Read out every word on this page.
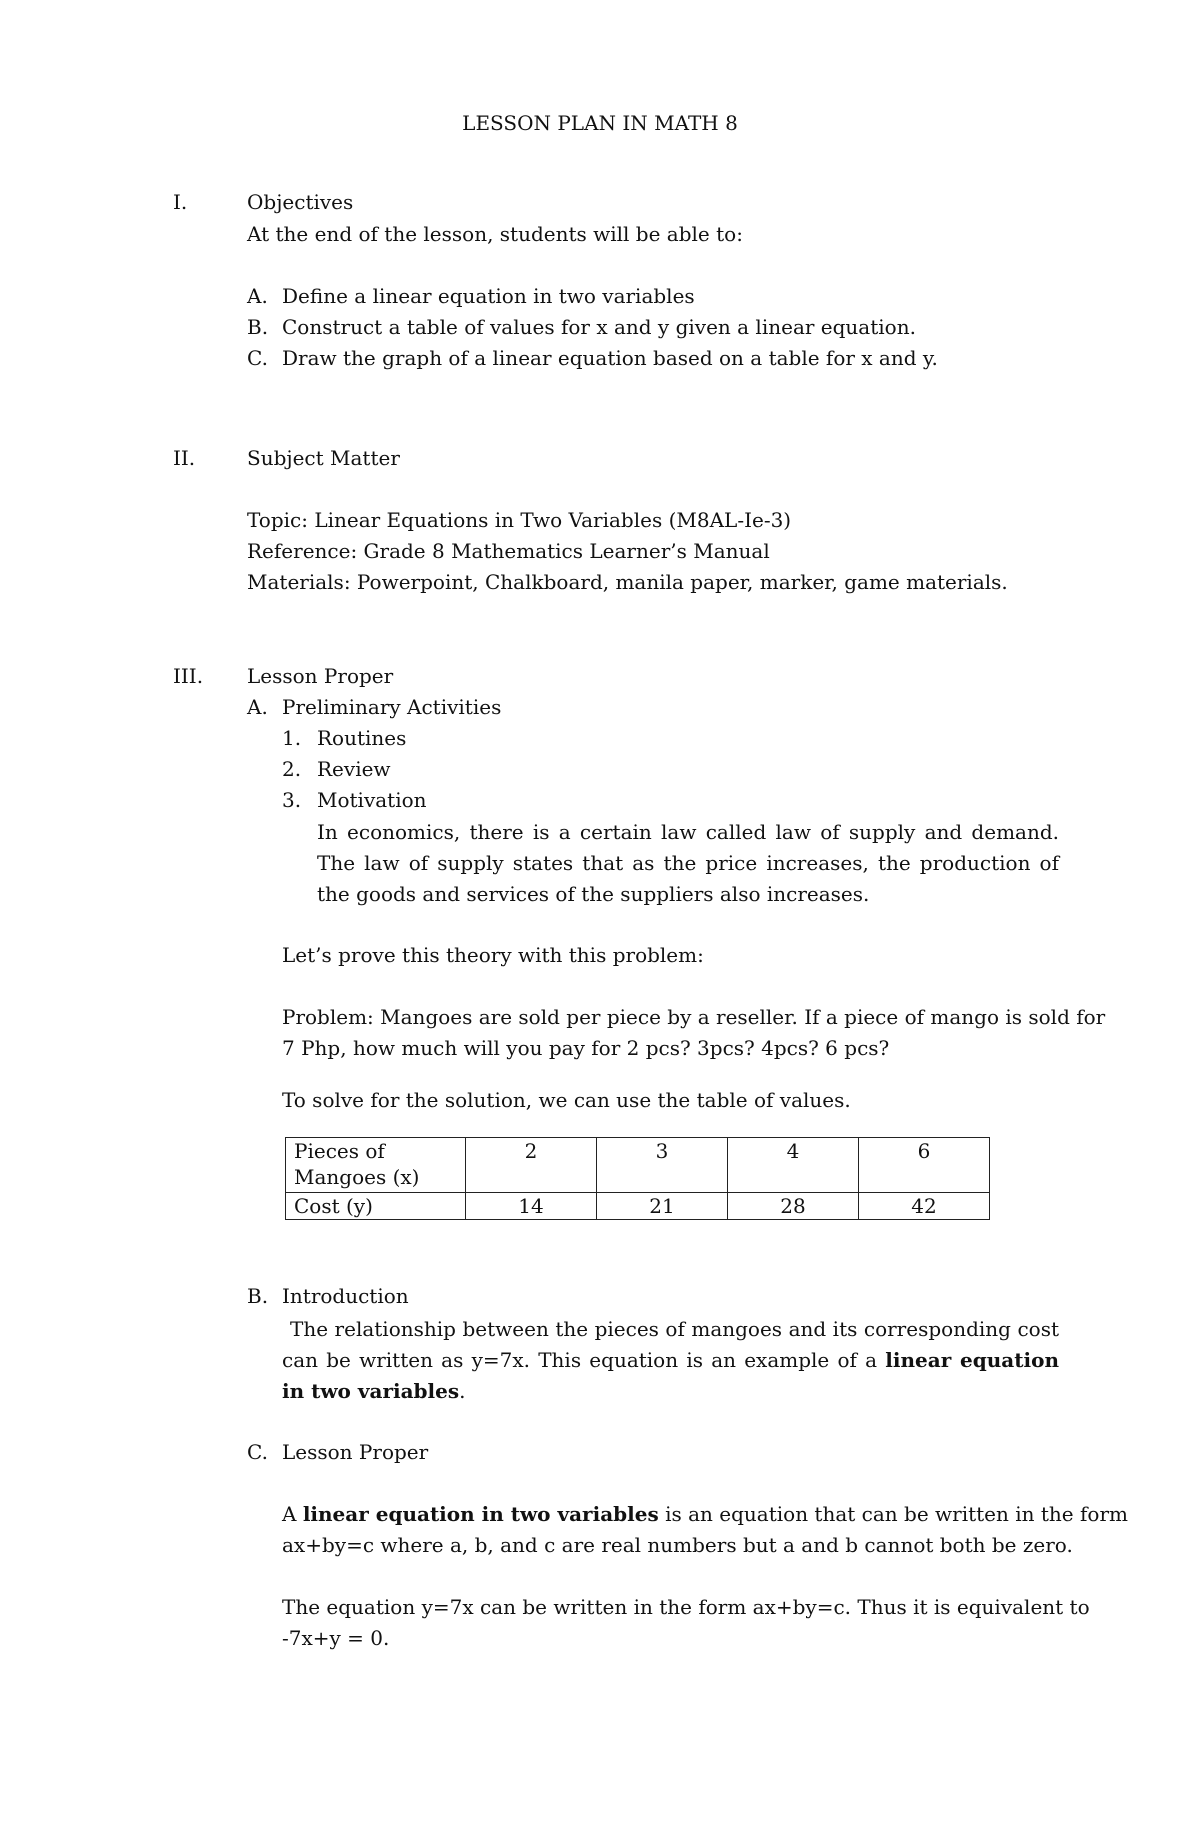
LESSON PLAN IN MATH 8
I.	Objectives
At the end of the lesson, students will be able to:
A. Define a linear equation in two variables
B. Construct a table of values for x and y given a linear equation.
C. Draw the graph of a linear equation based on a table for x and y.
II.	Subject Matter
Topic: Linear Equations in Two Variables (M8AL-Ie-3)
Reference: Grade 8 Mathematics Learner’s Manual
Materials: Powerpoint, Chalkboard, manila paper, marker, game materials.
III. Lesson Proper
A. Preliminary Activities
1. Routines
2. Review
3. Motivation
In economics, there is a certain law called law of supply and demand. The law of supply states that as the price increases, the production of the goods and services of the suppliers also increases.
Let’s prove this theory with this problem:
Problem: Mangoes are sold per piece by a reseller. If a piece of mango is sold for
7 Php, how much will you pay for 2 pcs? 3pcs? 4pcs? 6 pcs?
To solve for the solution, we can use the table of values.
Pieces of Mangoes (x)	2	3	4	6
Cost (y)	14	21	28	42
B. Introduction
The relationship between the pieces of mangoes and its corresponding cost can be written as y=7x. This equation is an example of a linear equation in two variables.
C. Lesson Proper
A linear equation in two variables is an equation that can be written in the form
ax+by=c where a, b, and c are real numbers but a and b cannot both be zero.
The equation y=7x can be written in the form ax+by=c. Thus it is equivalent to
-7x+y = 0.
